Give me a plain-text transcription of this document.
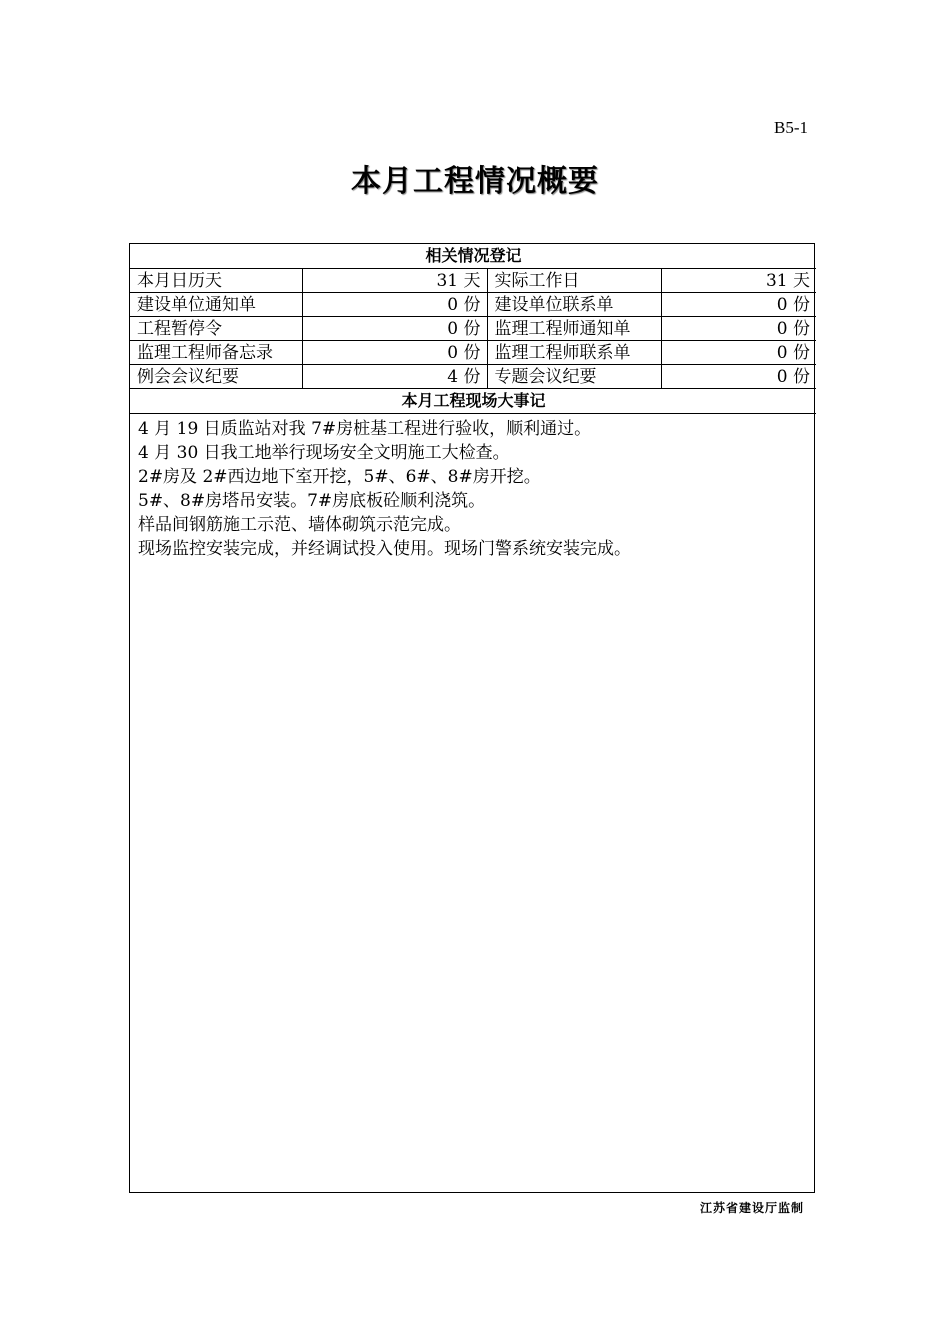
B5-1
本月工程情况概要
相关情况登记			
本月日历天	31 天	实际工作日	31 天
建设单位通知单	0 份	建设单位联系单	0 份
工程暂停令	0 份	监理工程师通知单	0 份
监理工程师备忘录	0 份	监理工程师联系单	0 份
例会会议纪要	4 份	专题会议纪要	0 份
本月工程现场大事记			
4 月 19 日质监站对我 7#房桩基工程进行验收，顺利通过。
4 月 30 日我工地举行现场安全文明施工大检查。
2#房及 2#西边地下室开挖，5#、6#、8#房开挖。
5#、8#房塔吊安装。7#房底板砼顺利浇筑。
样品间钢筋施工示范、墙体砌筑示范完成。
现场监控安装完成，并经调试投入使用。现场门警系统安装完成。
江苏省建设厅监制
